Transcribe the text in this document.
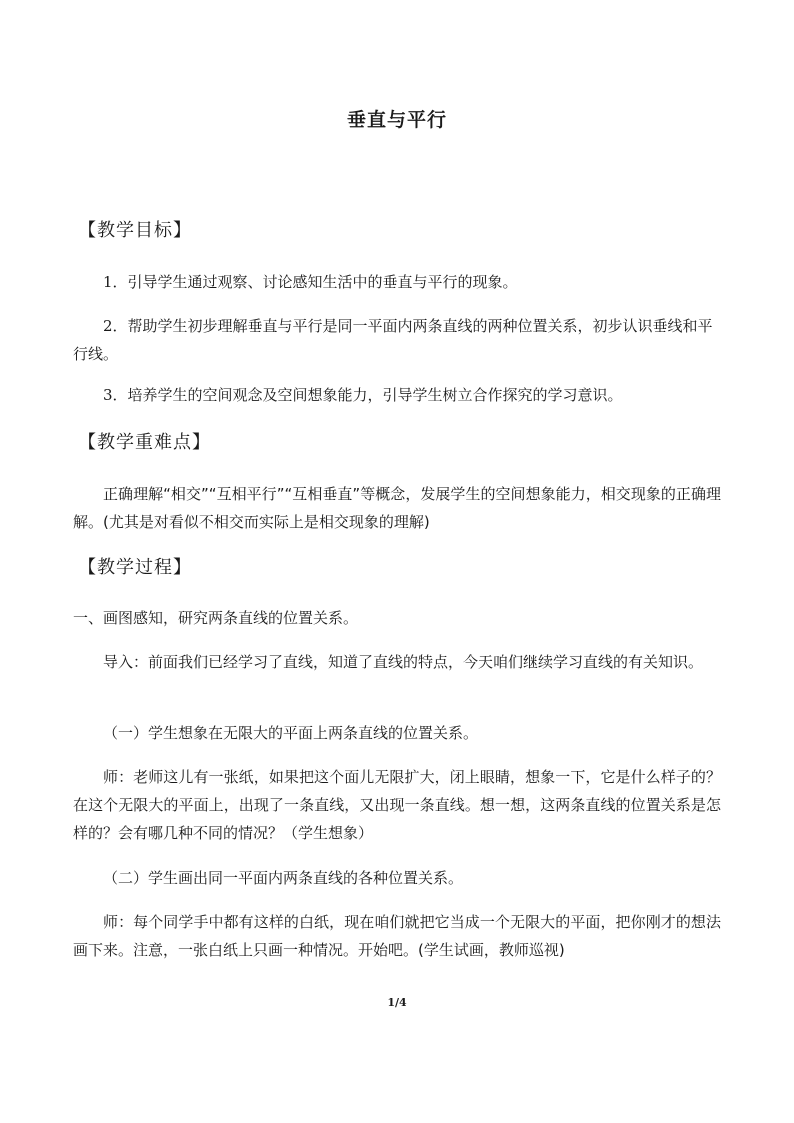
垂直与平行
【教学目标】
1．引导学生通过观察、讨论感知生活中的垂直与平行的现象。
2．帮助学生初步理解垂直与平行是同一平面内两条直线的两种位置关系，初步认识垂线和平行线。
3．培养学生的空间观念及空间想象能力，引导学生树立合作探究的学习意识。
【教学重难点】
正确理解“相交”“互相平行”“互相垂直”等概念，发展学生的空间想象能力，相交现象的正确理解。(尤其是对看似不相交而实际上是相交现象的理解)
【教学过程】
一、画图感知，研究两条直线的位置关系。
导入：前面我们已经学习了直线，知道了直线的特点，今天咱们继续学习直线的有关知识。
（一）学生想象在无限大的平面上两条直线的位置关系。
师：老师这儿有一张纸，如果把这个面儿无限扩大，闭上眼睛，想象一下，它是什么样子的？在这个无限大的平面上，出现了一条直线，又出现一条直线。想一想，这两条直线的位置关系是怎样的？会有哪几种不同的情况？（学生想象）
（二）学生画出同一平面内两条直线的各种位置关系。
师：每个同学手中都有这样的白纸，现在咱们就把它当成一个无限大的平面，把你刚才的想法画下来。注意，一张白纸上只画一种情况。开始吧。(学生试画，教师巡视)
1/4
